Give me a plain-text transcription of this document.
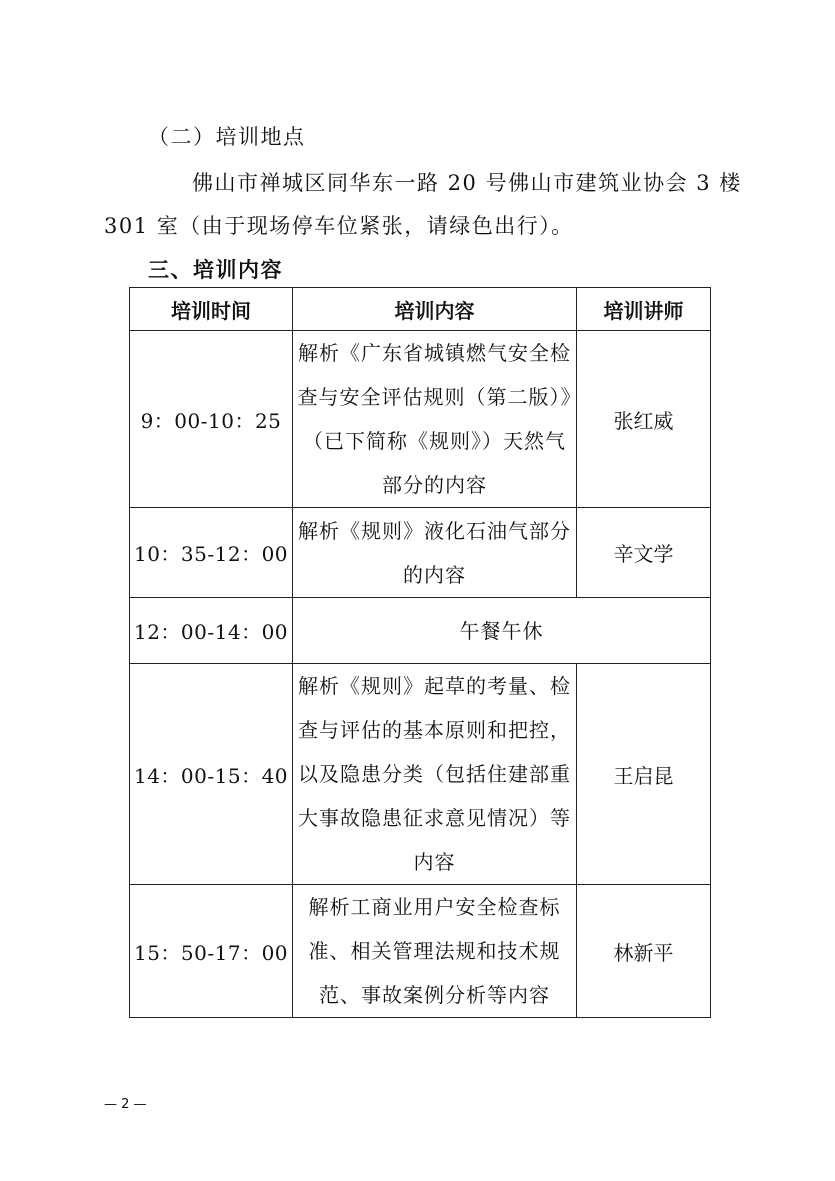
（二）培训地点
佛山市禅城区同华东一路 20 号佛山市建筑业协会 3 楼
301 室（由于现场停车位紧张，请绿色出行）。
三、培训内容
培训时间	培训内容	培训讲师
9：00-10：25	解析《广东省城镇燃气安全检查与安全评估规则（第二版）》（已下简称《规则》）天然气部分的内容	张红威
10：35-12：00	解析《规则》液化石油气部分的内容	辛文学
12：00-14：00	午餐午休	
14：00-15：40	解析《规则》起草的考量、检查与评估的基本原则和把控，以及隐患分类（包括住建部重大事故隐患征求意见情况）等内容	王启昆
15：50-17：00	解析工商业用户安全检查标准、相关管理法规和技术规范、事故案例分析等内容	林新平
— 2 —
